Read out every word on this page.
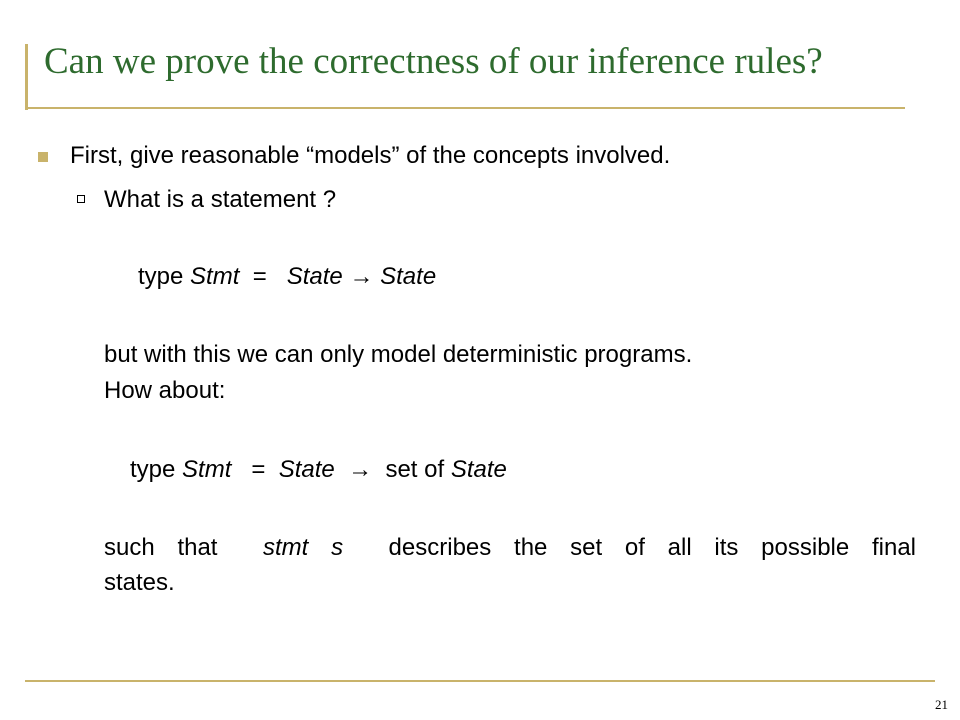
Can we prove the correctness of our inference rules?
First, give reasonable “models” of the concepts involved.
What is a statement ?
type Stmt  =   State → State
but with this we can only model deterministic programs.
How about:
type Stmt   =  State  →  set of State
such that  stmt s  describes the set of all its possible final
states.
21
